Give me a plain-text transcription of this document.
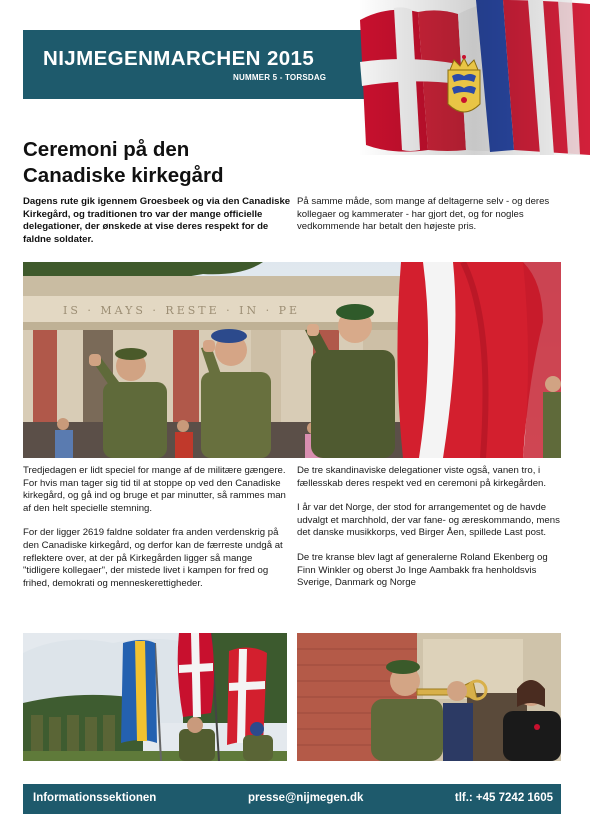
NIJMEGENMARCHEN 2015
NUMMER 5 - TORSDAG
Ceremoni på den Canadiske kirkegård
Dagens rute gik igennem Groesbeek og via den Canadiske Kirkegård, og traditionen tro var der mange officielle delegationer, der ønskede at vise deres respekt for de faldne soldater.
På samme måde, som mange af deltagerne selv - og deres kollegaer og kammerater - har gjort det, og for nogles vedkommende har betalt den højeste pris.
IS · MAYS · RESTE · IN · PE

Tredjedagen er lidt speciel for mange af de militære gængere. For hvis man tager sig tid til at stoppe op ved den Canadiske kirkegård, og gå ind og bruge et par minutter, så rammes man af den helt specielle stemning.

For der ligger 2619 faldne soldater fra anden verdenskrig på den Canadiske kirkegård, og derfor kan de færreste undgå at reflektere over, at der på Kirkegården ligger så mange "tidligere kollegaer", der mistede livet i kampen for fred og frihed, demokrati og menneskerettigheder.

De tre skandinaviske delegationer viste også, vanen tro, i fællesskab deres respekt ved en ceremoni på kirkegården.

I år var det Norge, der stod for arrangementet og de havde udvalgt et marchhold, der var fane- og æreskommando, mens det danske musikkorps, ved Birger Åen, spillede Last post.

De tre kranse blev lagt af generalerne Roland Ekenberg og Finn Winkler og oberst Jo Inge Aambakk fra henholdsvis Sverige, Danmark og Norge

Informationssektionen	presse@nijmegen.dk	tlf.: +45 7242 1605
